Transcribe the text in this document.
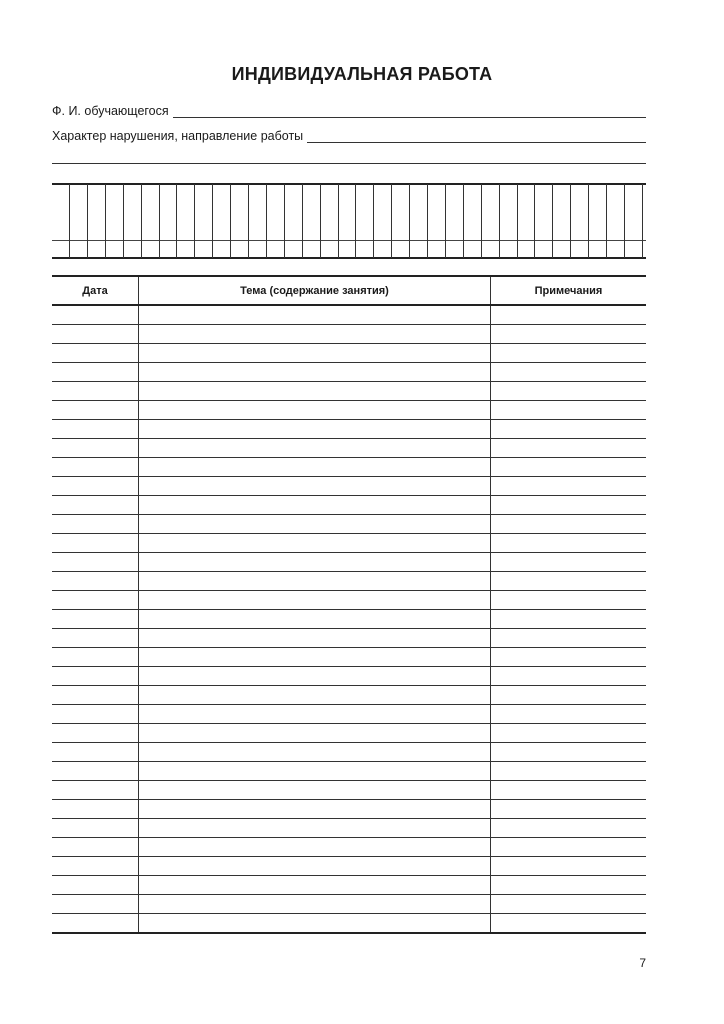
ИНДИВИДУАЛЬНАЯ РАБОТА
Ф. И. обучающегося
Характер нарушения, направление работы
Дата	Тема (содержание занятия)	Примечания

7
